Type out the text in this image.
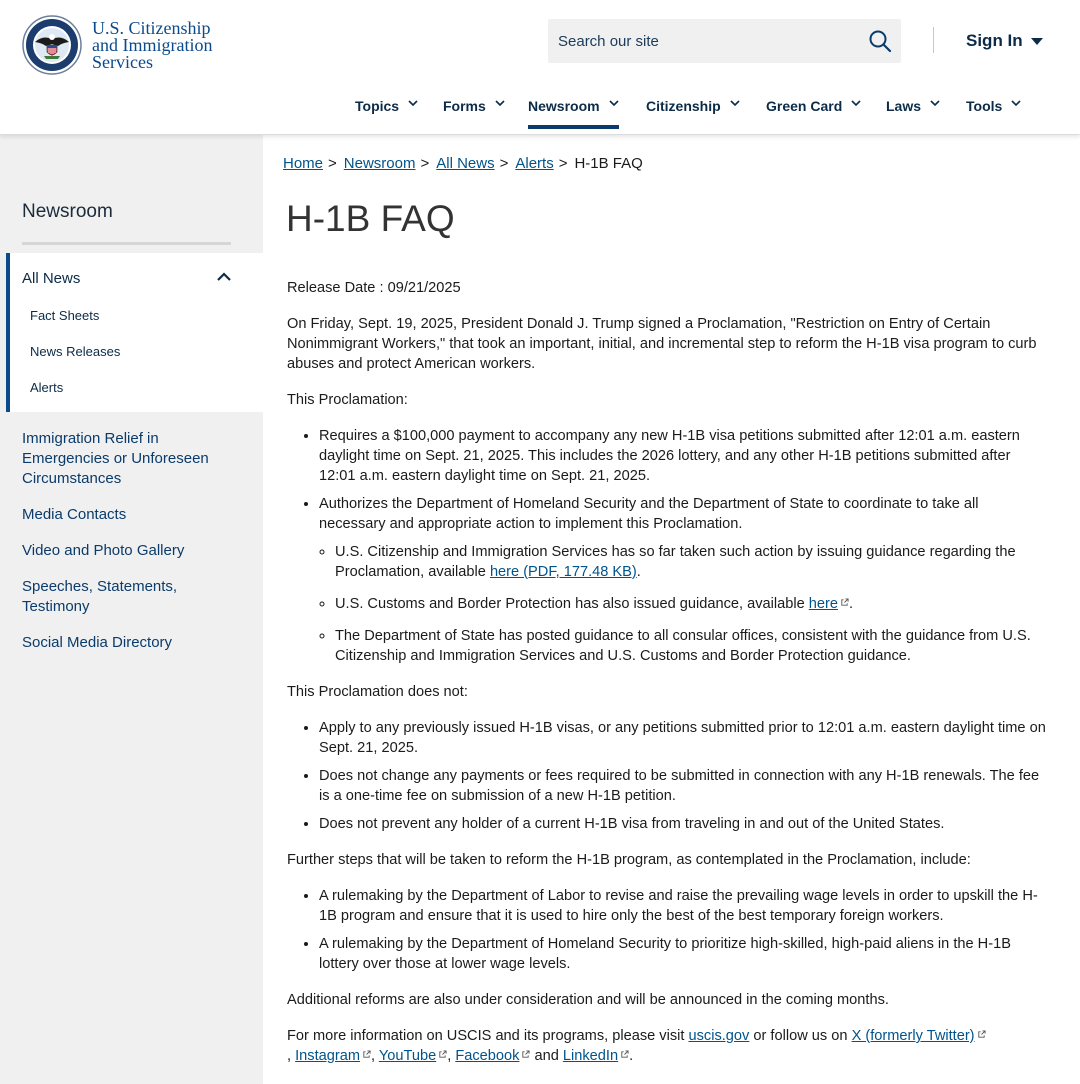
U.S. Citizenship
and Immigration
Services
Search our site
Sign In
Topics	Forms	Newsroom	Citizenship	Green Card	Laws	Tools
Newsroom
All News
Fact Sheets
News Releases
Alerts
Immigration Relief in Emergencies or Unforeseen Circumstances
Media Contacts
Video and Photo Gallery
Speeches, Statements, Testimony
Social Media Directory
Home > Newsroom > All News > Alerts > H-1B FAQ
H-1B FAQ

Release Date : 09/21/2025

On Friday, Sept. 19, 2025, President Donald J. Trump signed a Proclamation, "Restriction on Entry of Certain Nonimmigrant Workers," that took an important, initial, and incremental step to reform the H-1B visa program to curb abuses and protect American workers.

This Proclamation:

• Requires a $100,000 payment to accompany any new H-1B visa petitions submitted after 12:01 a.m. eastern daylight time on Sept. 21, 2025. This includes the 2026 lottery, and any other H-1B petitions submitted after 12:01 a.m. eastern daylight time on Sept. 21, 2025.
• Authorizes the Department of Homeland Security and the Department of State to coordinate to take all necessary and appropriate action to implement this Proclamation.
◦ U.S. Citizenship and Immigration Services has so far taken such action by issuing guidance regarding the Proclamation, available here (PDF, 177.48 KB).
◦ U.S. Customs and Border Protection has also issued guidance, available here .
◦ The Department of State has posted guidance to all consular offices, consistent with the guidance from U.S. Citizenship and Immigration Services and U.S. Customs and Border Protection guidance.

This Proclamation does not:

• Apply to any previously issued H-1B visas, or any petitions submitted prior to 12:01 a.m. eastern daylight time on Sept. 21, 2025.
• Does not change any payments or fees required to be submitted in connection with any H-1B renewals. The fee is a one-time fee on submission of a new H-1B petition.
• Does not prevent any holder of a current H-1B visa from traveling in and out of the United States.

Further steps that will be taken to reform the H-1B program, as contemplated in the Proclamation, include:

• A rulemaking by the Department of Labor to revise and raise the prevailing wage levels in order to upskill the H-1B program and ensure that it is used to hire only the best of the best temporary foreign workers.
• A rulemaking by the Department of Homeland Security to prioritize high-skilled, high-paid aliens in the H-1B lottery over those at lower wage levels.

Additional reforms are also under consideration and will be announced in the coming months.

For more information on USCIS and its programs, please visit uscis.gov or follow us on X (formerly Twitter)
, Instagram , YouTube , Facebook and LinkedIn .
